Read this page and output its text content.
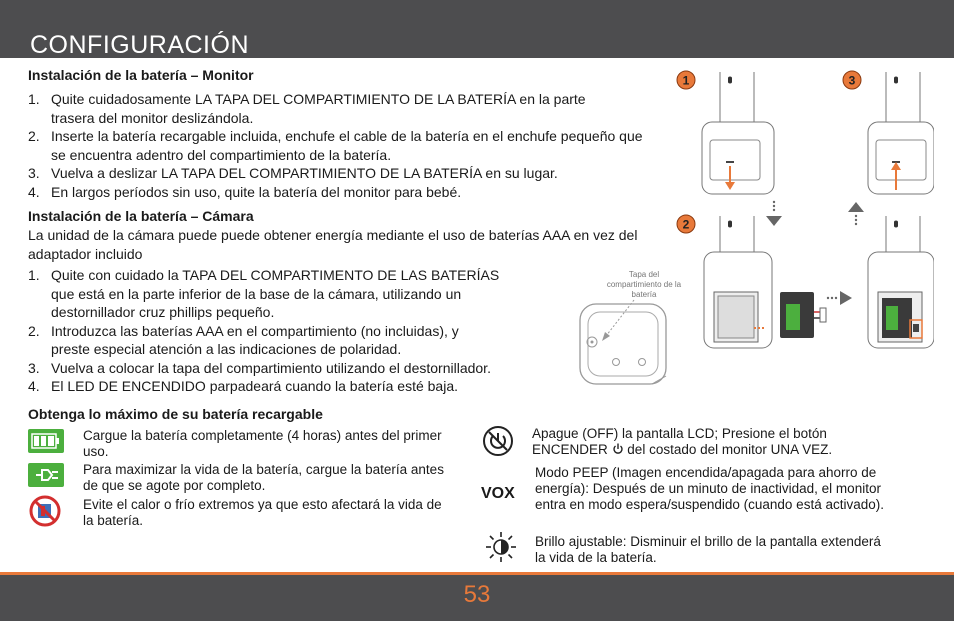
CONFIGURACIÓN
Instalación de la batería – Monitor
1. Quite cuidadosamente LA TAPA DEL COMPARTIMIENTO DE LA BATERÍA en la parte trasera del monitor deslizándola.
2. Inserte la batería recargable incluida, enchufe el cable de la batería en el enchufe pequeño que se encuentra adentro del compartimiento de la batería.
3. Vuelva a deslizar LA TAPA DEL COMPARTIMIENTO DE LA BATERÍA en su lugar.
4. En largos períodos sin uso, quite la batería del monitor para bebé.
Instalación de la batería – Cámara
La unidad de la cámara puede puede obtener energía mediante el uso de baterías AAA en vez del adaptador incluido
1. Quite con cuidado la TAPA DEL COMPARTIMENTO DE LAS BATERÍAS que está en la parte inferior de la base de la cámara, utilizando un destornillador cruz phillips pequeño.
2. Introduzca las baterías AAA en el compartimiento (no incluidas), y preste especial atención a las indicaciones de polaridad.
3. Vuelva a colocar la tapa del compartimiento utilizando el destornillador.
4. El LED DE ENCENDIDO parpadeará cuando la batería esté baja.
Tapa del compartimiento de la batería
1	3
2
Obtenga lo máximo de su batería recargable
Cargue la batería completamente (4 horas) antes del primer uso.
Para maximizar la vida de la batería, cargue la batería antes de que se agote por completo.
Evite el calor o frío extremos ya que esto afectará la vida de la batería.
Apague (OFF) la pantalla LCD; Presione el botón ENCENDER del costado del monitor UNA VEZ.
VOX
Modo PEEP (Imagen encendida/apagada para ahorro de energía): Después de un minuto de inactividad, el monitor entra en modo espera/suspendido (cuando está activado).
Brillo ajustable: Disminuir el brillo de la pantalla extenderá la vida de la batería.
53
